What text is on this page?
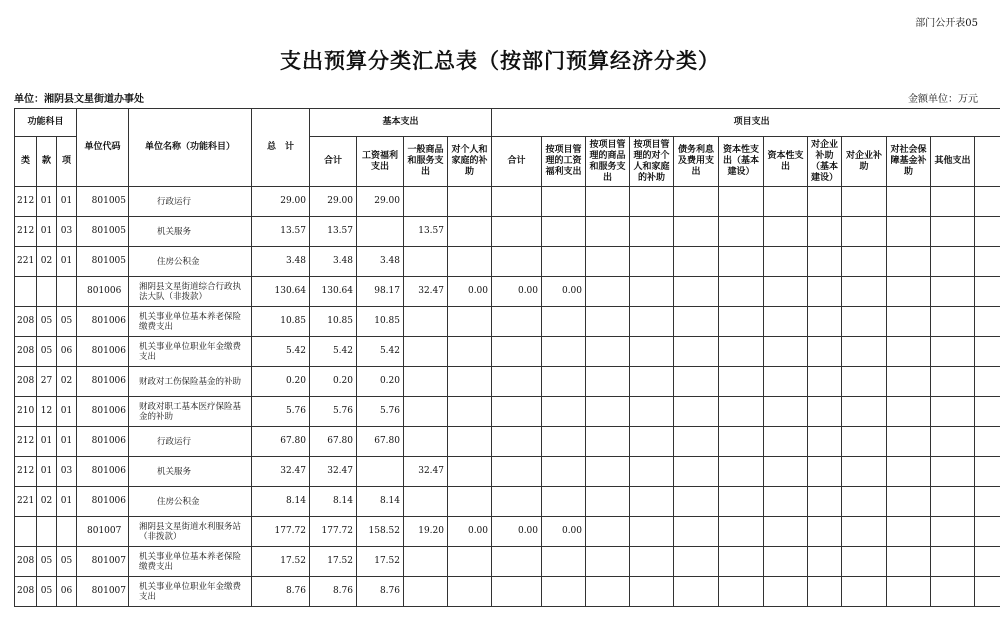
部门公开表05
支出预算分类汇总表（按部门预算经济分类）
单位：湘阴县文星街道办事处	金额单位：万元
功能科目			单位代码	单位名称（功能科目）	总　计	基本支出				项目支出											
类	款	项				合计	工资福利支出	一般商品和服务支出	对个人和家庭的补助	合计	按项目管理的工资福利支出	按项目管理的商品和服务支出	按项目管理的对个人和家庭的补助	债务利息及费用支出	资本性支出（基本建设）	资本性支出	对企业补助（基本建设）	对企业补助	对社会保障基金补助	其他支出	
212	01	01	801005	行政运行	29.00	29.00	29.00														
212	01	03	801005	机关服务	13.57	13.57		13.57													
221	02	01	801005	住房公积金	3.48	3.48	3.48														
			801006	湘阴县文星街道综合行政执法大队（非拨款）	130.64	130.64	98.17	32.47	0.00	0.00	0.00										
208	05	05	801006	机关事业单位基本养老保险缴费支出	10.85	10.85	10.85														
208	05	06	801006	机关事业单位职业年金缴费支出	5.42	5.42	5.42														
208	27	02	801006	财政对工伤保险基金的补助	0.20	0.20	0.20														
210	12	01	801006	财政对职工基本医疗保险基金的补助	5.76	5.76	5.76														
212	01	01	801006	行政运行	67.80	67.80	67.80														
212	01	03	801006	机关服务	32.47	32.47		32.47													
221	02	01	801006	住房公积金	8.14	8.14	8.14														
			801007	湘阴县文星街道水利服务站（非拨款）	177.72	177.72	158.52	19.20	0.00	0.00	0.00										
208	05	05	801007	机关事业单位基本养老保险缴费支出	17.52	17.52	17.52														
208	05	06	801007	机关事业单位职业年金缴费支出	8.76	8.76	8.76														
